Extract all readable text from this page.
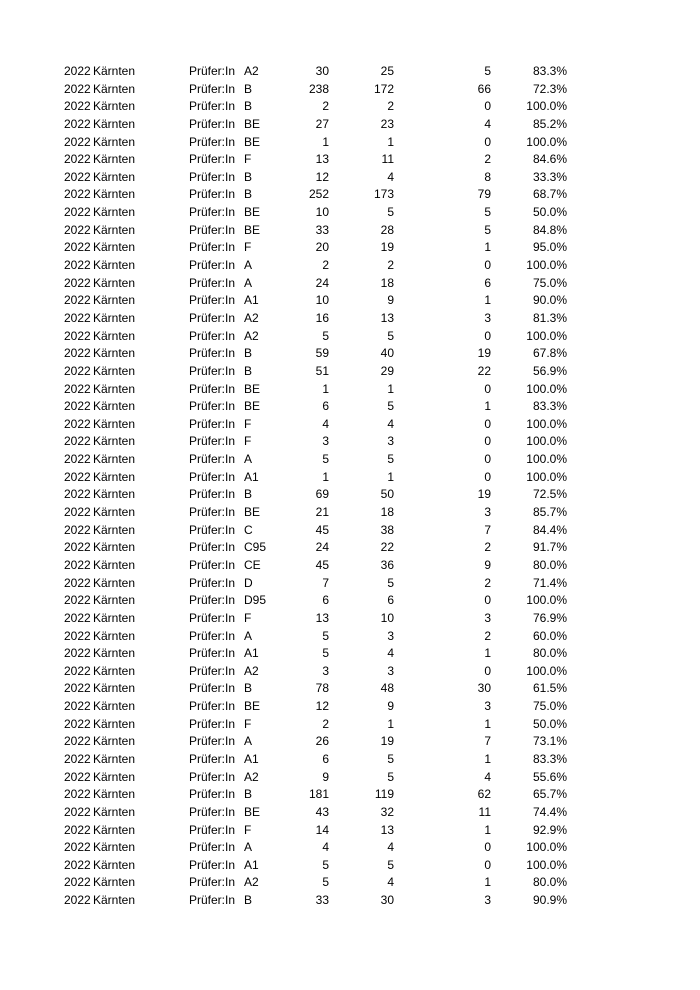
2022 Kärnten	Prüfer:In A2	30	25	5	83.3%
2022 Kärnten	Prüfer:In B	238	172	66	72.3%
2022 Kärnten	Prüfer:In B	2	2	0	100.0%
2022 Kärnten	Prüfer:In BE	27	23	4	85.2%
2022 Kärnten	Prüfer:In BE	1	1	0	100.0%
2022 Kärnten	Prüfer:In F	13	11	2	84.6%
2022 Kärnten	Prüfer:In B	12	4	8	33.3%
2022 Kärnten	Prüfer:In B	252	173	79	68.7%
2022 Kärnten	Prüfer:In BE	10	5	5	50.0%
2022 Kärnten	Prüfer:In BE	33	28	5	84.8%
2022 Kärnten	Prüfer:In F	20	19	1	95.0%
2022 Kärnten	Prüfer:In A	2	2	0	100.0%
2022 Kärnten	Prüfer:In A	24	18	6	75.0%
2022 Kärnten	Prüfer:In A1	10	9	1	90.0%
2022 Kärnten	Prüfer:In A2	16	13	3	81.3%
2022 Kärnten	Prüfer:In A2	5	5	0	100.0%
2022 Kärnten	Prüfer:In B	59	40	19	67.8%
2022 Kärnten	Prüfer:In B	51	29	22	56.9%
2022 Kärnten	Prüfer:In BE	1	1	0	100.0%
2022 Kärnten	Prüfer:In BE	6	5	1	83.3%
2022 Kärnten	Prüfer:In F	4	4	0	100.0%
2022 Kärnten	Prüfer:In F	3	3	0	100.0%
2022 Kärnten	Prüfer:In A	5	5	0	100.0%
2022 Kärnten	Prüfer:In A1	1	1	0	100.0%
2022 Kärnten	Prüfer:In B	69	50	19	72.5%
2022 Kärnten	Prüfer:In BE	21	18	3	85.7%
2022 Kärnten	Prüfer:In C	45	38	7	84.4%
2022 Kärnten	Prüfer:In C95	24	22	2	91.7%
2022 Kärnten	Prüfer:In CE	45	36	9	80.0%
2022 Kärnten	Prüfer:In D	7	5	2	71.4%
2022 Kärnten	Prüfer:In D95	6	6	0	100.0%
2022 Kärnten	Prüfer:In F	13	10	3	76.9%
2022 Kärnten	Prüfer:In A	5	3	2	60.0%
2022 Kärnten	Prüfer:In A1	5	4	1	80.0%
2022 Kärnten	Prüfer:In A2	3	3	0	100.0%
2022 Kärnten	Prüfer:In B	78	48	30	61.5%
2022 Kärnten	Prüfer:In BE	12	9	3	75.0%
2022 Kärnten	Prüfer:In F	2	1	1	50.0%
2022 Kärnten	Prüfer:In A	26	19	7	73.1%
2022 Kärnten	Prüfer:In A1	6	5	1	83.3%
2022 Kärnten	Prüfer:In A2	9	5	4	55.6%
2022 Kärnten	Prüfer:In B	181	119	62	65.7%
2022 Kärnten	Prüfer:In BE	43	32	11	74.4%
2022 Kärnten	Prüfer:In F	14	13	1	92.9%
2022 Kärnten	Prüfer:In A	4	4	0	100.0%
2022 Kärnten	Prüfer:In A1	5	5	0	100.0%
2022 Kärnten	Prüfer:In A2	5	4	1	80.0%
2022 Kärnten	Prüfer:In B	33	30	3	90.9%
